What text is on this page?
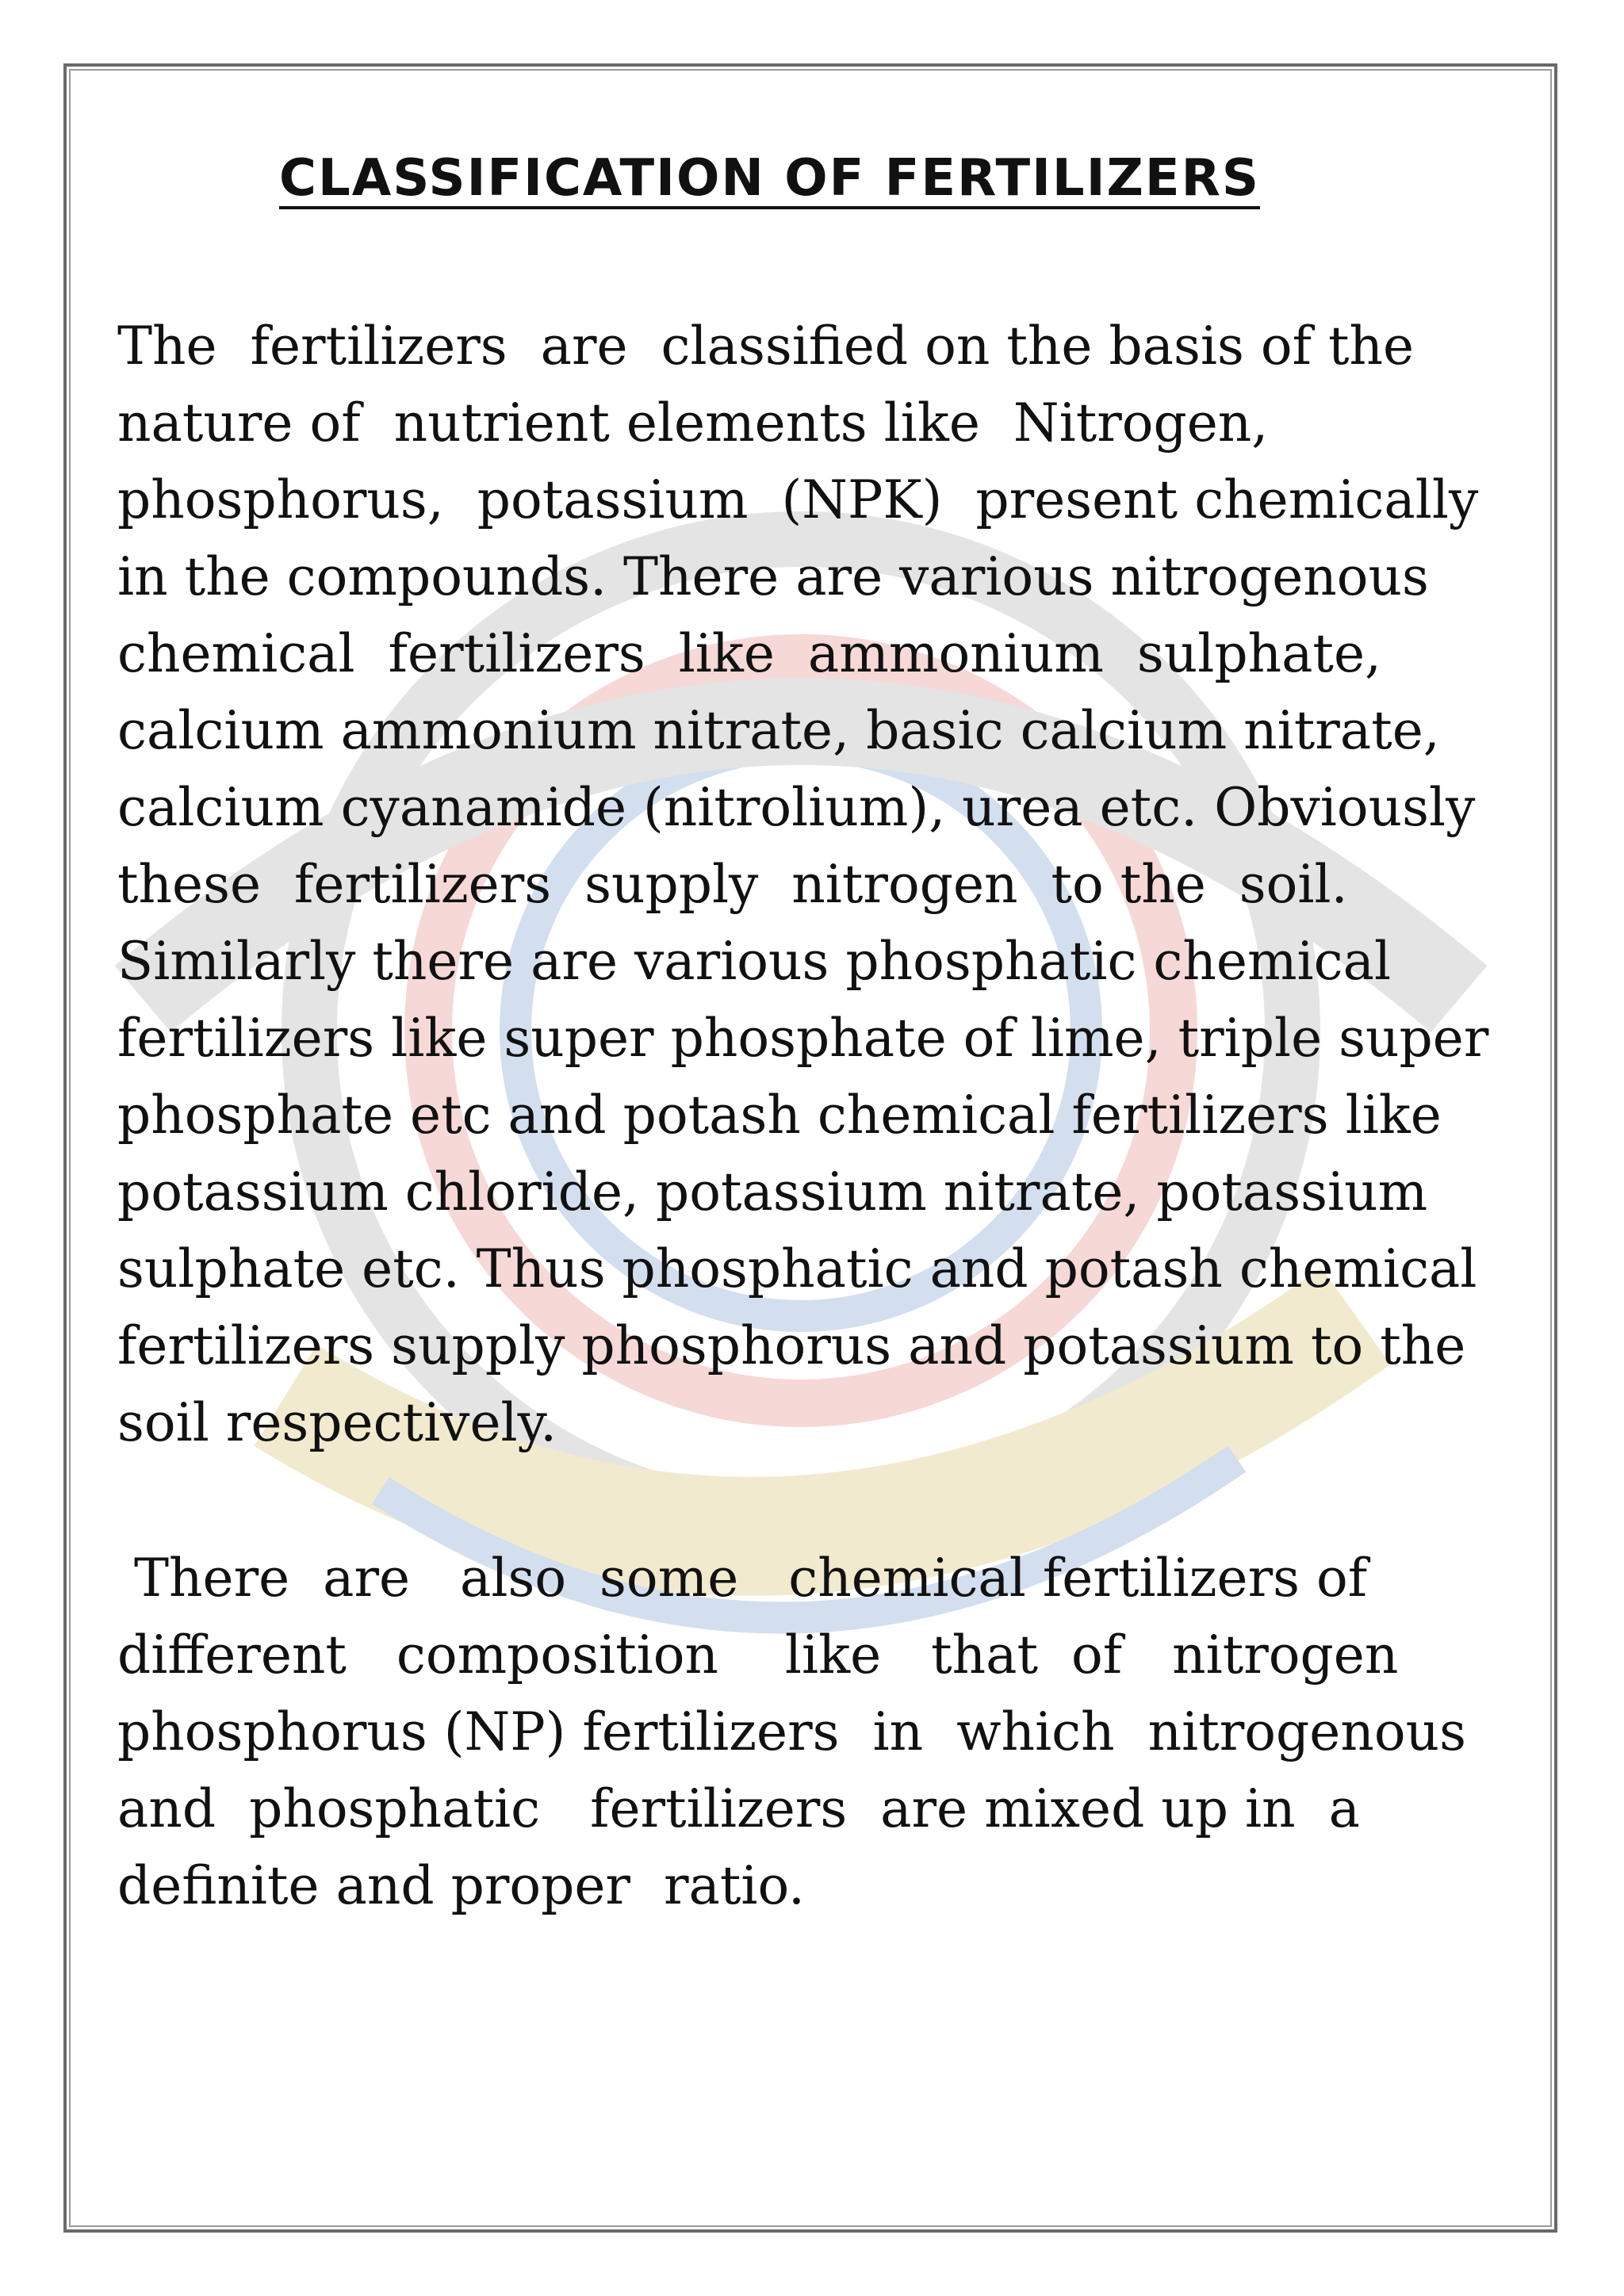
CLASSIFICATION OF FERTILIZERS

The  fertilizers  are  classified on the basis of the
nature of  nutrient elements like  Nitrogen,
phosphorus,  potassium  (NPK)  present chemically
in the compounds. There are various nitrogenous
chemical  fertilizers  like  ammonium  sulphate,
calcium ammonium nitrate, basic calcium nitrate,
calcium cyanamide (nitrolium), urea etc. Obviously
these  fertilizers  supply  nitrogen  to the  soil.
Similarly there are various phosphatic chemical
fertilizers like super phosphate of lime, triple super
phosphate etc and potash chemical fertilizers like
potassium chloride, potassium nitrate, potassium
sulphate etc. Thus phosphatic and potash chemical
fertilizers supply phosphorus and potassium to the
soil respectively.

There  are   also  some   chemical fertilizers of
different   composition    like   that  of   nitrogen
phosphorus (NP) fertilizers  in  which  nitrogenous
and  phosphatic   fertilizers  are mixed up in  a
definite and proper  ratio.
